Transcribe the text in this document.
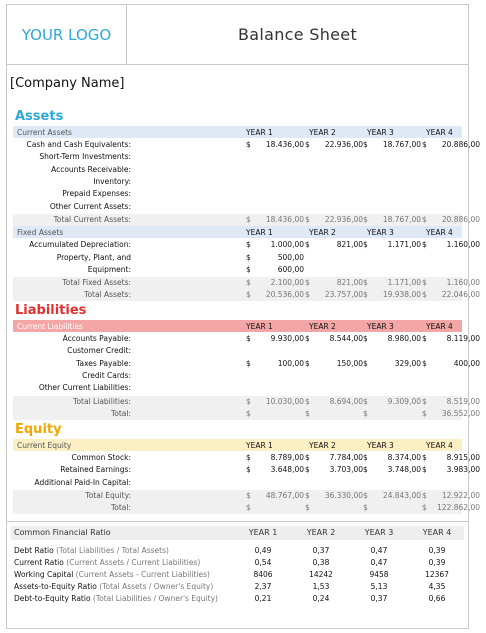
YOUR LOGO	Balance Sheet
[Company Name]
Assets
Current Assets	YEAR 1	YEAR 2	YEAR 3	YEAR 4
Cash and Cash Equivalents:	$ 18.436,00 $ 22.936,00 $ 18.767,00 $ 20.886,00
Short-Term Investments:
Accounts Receivable:
Inventory:
Prepaid Expenses:
Other Current Assets:
Total Current Assets:	$ 18.436,00 $ 22.936,00 $ 18.767,00 $ 20.886,00
Fixed Assets	YEAR 1	YEAR 2	YEAR 3	YEAR 4
Accumulated Depreciation:	$	1.000,00 $	821,00 $	1.171,00 $	1.160,00
Property, Plant, and	$	500,00
Equipment:	$	600,00
Total Fixed Assets:	$	2.100,00 $	821,00 $	1.171,00 $	1.160,00
Total Assets:	$ 20.536,00 $ 23.757,00 $ 19.938,00 $ 22.046,00
Liabilities
Current Liabilities	YEAR 1	YEAR 2	YEAR 3	YEAR 4
Accounts Payable:	$	9.930,00 $	8.544,00 $	8.980,00 $	8.119,00
Customer Credit:
Taxes Payable:	$	100,00 $	150,00 $	329,00 $	400,00
Credit Cards:
Other Current Liabilities:
Total Liabilities:	$ 10.030,00 $	8.694,00 $	9.309,00 $	8.519,00
Total:	$	$	$	$ 36.552,00
Equity
Current Equity	YEAR 1	YEAR 2	YEAR 3	YEAR 4
Common Stock:	$	8.789,00 $	7.784,00 $	8.374,00 $	8.915,00
Retained Earnings:	$	3.648,00 $	3.703,00 $	3.748,00 $	3.983,00
Additional Paid-In Capital:
Total Equity:	$ 48.767,00 $ 36.330,00 $ 24.843,00 $ 12.922,00
Total:	$	$	$	$ 122.862,00
Common Financial Ratio	YEAR 1	YEAR 2	YEAR 3	YEAR 4
Debt Ratio (Total Liabilities / Total Assets)	0,49	0,37	0,47	0,39
Current Ratio (Current Assets / Current Liabilities)	0,54	0,38	0,47	0,39
Working Capital (Current Assets - Current Liabilities)	8406	14242	9458	12367
Assets-to-Equity Ratio (Total Assets / Owner's Equity)	2,37	1,53	5,13	4,35
Debt-to-Equity Ratio (Total Liabilities / Owner's Equity)	0,21	0,24	0,37	0,66
